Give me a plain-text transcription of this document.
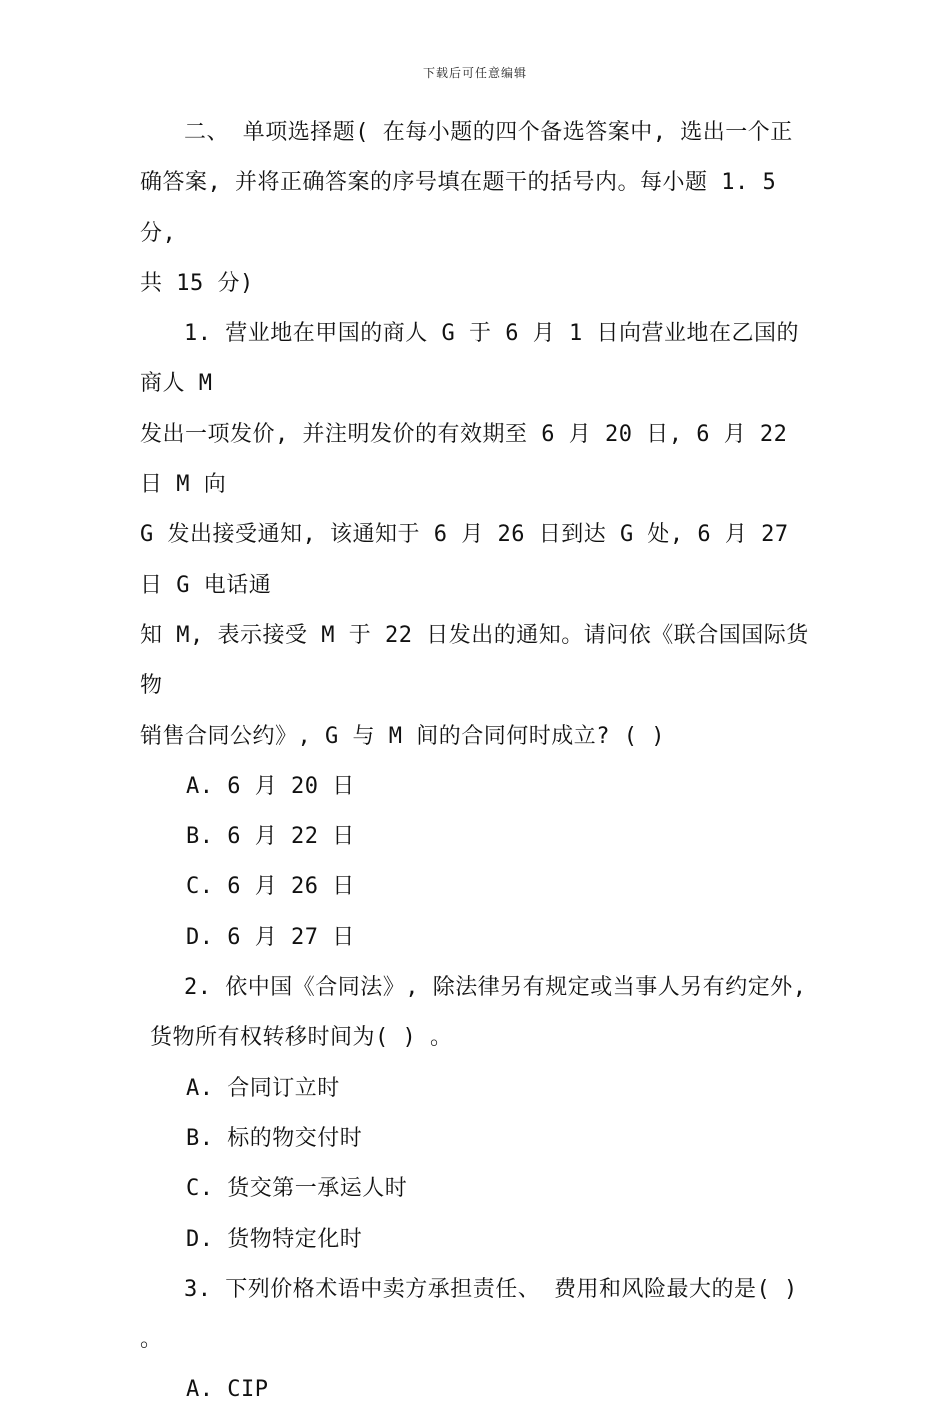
下载后可任意编辑

二、 单项选择题( 在每小题的四个备选答案中, 选出一个正

确答案, 并将正确答案的序号填在题干的括号内。每小题 1. 5 分,

共 15 分)

1. 营业地在甲国的商人 G 于 6 月 1 日向营业地在乙国的商人 M

发出一项发价, 并注明发价的有效期至 6 月 20 日, 6 月 22 日 M 向

G 发出接受通知, 该通知于 6 月 26 日到达 G 处, 6 月 27 日 G 电话通

知 M, 表示接受 M 于 22 日发出的通知。请问依《联合国国际货物

销售合同公约》, G 与 M 间的合同何时成立? ( )

A. 6 月 20 日

B. 6 月 22 日

C. 6 月 26 日

D. 6 月 27 日

2. 依中国《合同法》, 除法律另有规定或当事人另有约定外,

货物所有权转移时间为( ) 。

A. 合同订立时

B. 标的物交付时

C. 货交第一承运人时

D. 货物特定化时

3. 下列价格术语中卖方承担责任、 费用和风险最大的是( )

。

A. CIP
